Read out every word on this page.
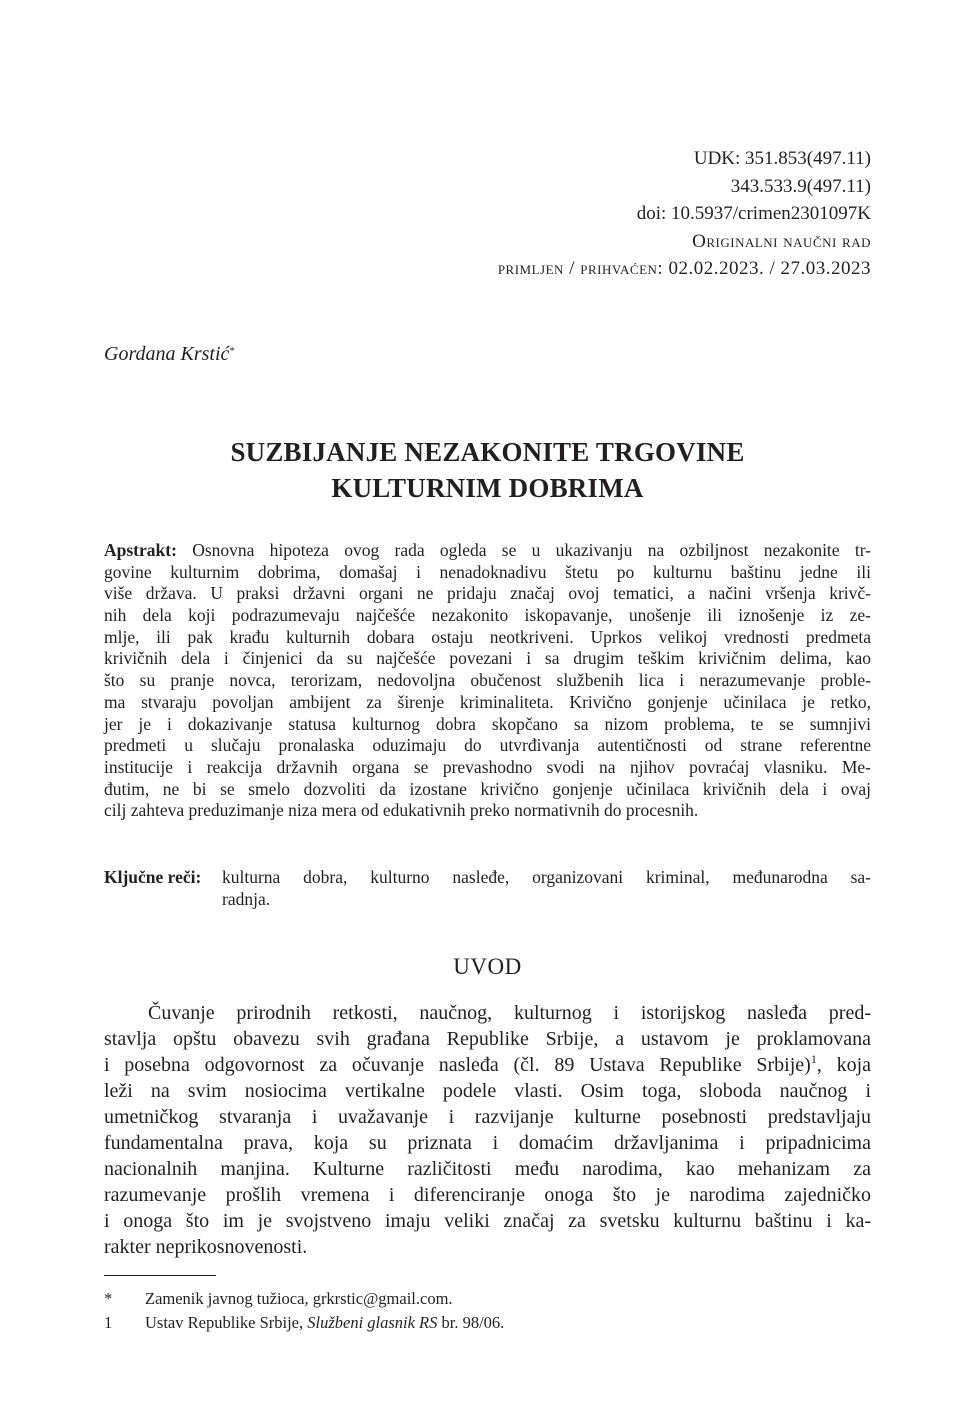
UDK: 351.853(497.11)
343.533.9(497.11)
doi: 10.5937/crimen2301097K
Originalni naučni rad
primljen / prihvaćen: 02.02.2023. / 27.03.2023
Gordana Krstić*
SUZBIJANJE NEZAKONITE TRGOVINE
KULTURNIM DOBRIMA
Apstrakt: Osnovna hipoteza ovog rada ogleda se u ukazivanju na ozbiljnost nezakonite tr-
govine kulturnim dobrima, domašaj i nenadoknadivu štetu po kulturnu baštinu jedne ili
više država. U praksi državni organi ne pridaju značaj ovoj tematici, a načini vršenja krivč-
nih dela koji podrazumevaju najčešće nezakonito iskopavanje, unošenje ili iznošenje iz ze-
mlje, ili pak krađu kulturnih dobara ostaju neotkriveni. Uprkos velikoj vrednosti predmeta
krivičnih dela i činjenici da su najčešće povezani i sa drugim teškim krivičnim delima, kao
što su pranje novca, terorizam, nedovoljna obučenost službenih lica i nerazumevanje proble-
ma stvaraju povoljan ambijent za širenje kriminaliteta. Krivično gonjenje učinilaca je retko,
jer je i dokazivanje statusa kulturnog dobra skopčano sa nizom problema, te se sumnjivi
predmeti u slučaju pronalaska oduzimaju do utvrđivanja autentičnosti od strane referentne
institucije i reakcija državnih organa se prevashodno svodi na njihov povraćaj vlasniku. Me-
đutim, ne bi se smelo dozvoliti da izostane krivično gonjenje učinilaca krivičnih dela i ovaj
cilj zahteva preduzimanje niza mera od edukativnih preko normativnih do procesnih.
Ključne reči:	kulturna dobra, kulturno nasleđe, organizovani kriminal, međunarodna sa-
radnja.
UVOD
Čuvanje prirodnih retkosti, naučnog, kulturnog i istorijskog nasleđa pred-
stavlja opštu obavezu svih građana Republike Srbije, a ustavom je proklamovana
i posebna odgovornost za očuvanje nasleđa (čl. 89 Ustava Republike Srbije)$^1$, koja
leži na svim nosiocima vertikalne podele vlasti. Osim toga, sloboda naučnog i
umetničkog stvaranja i uvažavanje i razvijanje kulturne posebnosti predstavljaju
fundamentalna prava, koja su priznata i domaćim državljanima i pripadnicima
nacionalnih manjina. Kulturne različitosti među narodima, kao mehanizam za
razumevanje prošlih vremena i diferenciranje onoga što je narodima zajedničko
i onoga što im je svojstveno imaju veliki značaj za svetsku kulturnu baštinu i ka-
rakter neprikosnovenosti.
*	Zamenik javnog tužioca, grkrstic@gmail.com.
1	Ustav Republike Srbije, Službeni glasnik RS br. 98/06.
